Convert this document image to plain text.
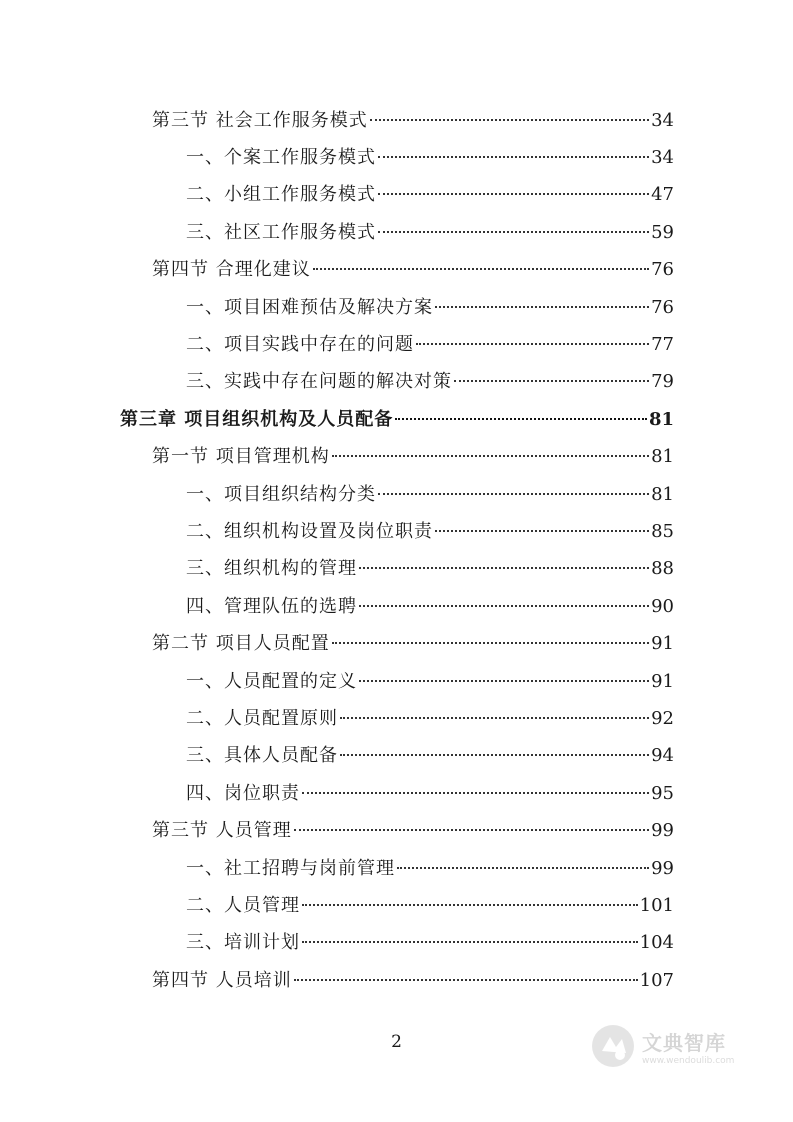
第三节 社会工作服务模式	34
一、个案工作服务模式	34
二、小组工作服务模式	47
三、社区工作服务模式	59
第四节 合理化建议	76
一、项目困难预估及解决方案	76
二、项目实践中存在的问题	77
三、实践中存在问题的解决对策	79
第三章 项目组织机构及人员配备	81
第一节 项目管理机构	81
一、项目组织结构分类	81
二、组织机构设置及岗位职责	85
三、组织机构的管理	88
四、管理队伍的选聘	90
第二节 项目人员配置	91
一、人员配置的定义	91
二、人员配置原则	92
三、具体人员配备	94
四、岗位职责	95
第三节 人员管理	99
一、社工招聘与岗前管理	99
二、人员管理	101
三、培训计划	104
第四节 人员培训	107
2	文典智库
www.wendoulib.com
